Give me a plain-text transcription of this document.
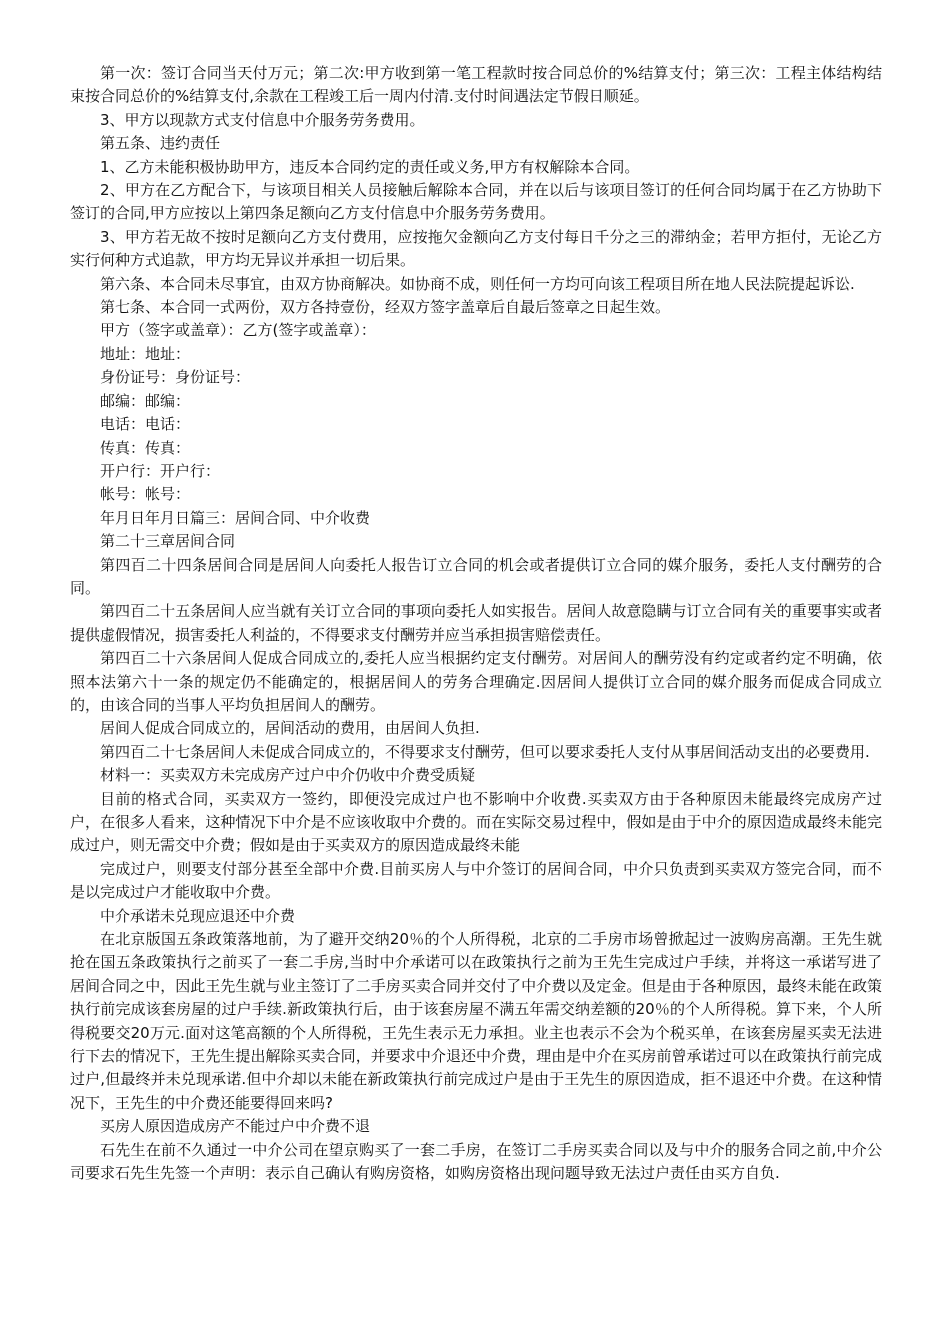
第一次：签订合同当天付万元；第二次:甲方收到第一笔工程款时按合同总价的%结算支付；第三次：工程主体结构结束按合同总价的%结算支付,余款在工程竣工后一周内付清.支付时间遇法定节假日顺延。

3、甲方以现款方式支付信息中介服务劳务费用。

第五条、违约责任

1、乙方未能积极协助甲方，违反本合同约定的责任或义务,甲方有权解除本合同。

2、甲方在乙方配合下，与该项目相关人员接触后解除本合同，并在以后与该项目签订的任何合同均属于在乙方协助下签订的合同,甲方应按以上第四条足额向乙方支付信息中介服务劳务费用。

3、甲方若无故不按时足额向乙方支付费用，应按拖欠金额向乙方支付每日千分之三的滞纳金；若甲方拒付，无论乙方实行何种方式追款，甲方均无异议并承担一切后果。

第六条、本合同未尽事宜，由双方协商解决。如协商不成，则任何一方均可向该工程项目所在地人民法院提起诉讼.

第七条、本合同一式两份，双方各持壹份，经双方签字盖章后自最后签章之日起生效。

甲方（签字或盖章）：乙方(签字或盖章）：

地址：地址：

身份证号：身份证号：

邮编：邮编：

电话：电话：

传真：传真：

开户行：开户行：

帐号：帐号：

年月日年月日篇三：居间合同、中介收费

第二十三章居间合同

第四百二十四条居间合同是居间人向委托人报告订立合同的机会或者提供订立合同的媒介服务，委托人支付酬劳的合同。

第四百二十五条居间人应当就有关订立合同的事项向委托人如实报告。居间人故意隐瞒与订立合同有关的重要事实或者提供虚假情况，损害委托人利益的，不得要求支付酬劳并应当承担损害赔偿责任。

第四百二十六条居间人促成合同成立的,委托人应当根据约定支付酬劳。对居间人的酬劳没有约定或者约定不明确，依照本法第六十一条的规定仍不能确定的，根据居间人的劳务合理确定.因居间人提供订立合同的媒介服务而促成合同成立的，由该合同的当事人平均负担居间人的酬劳。

居间人促成合同成立的，居间活动的费用，由居间人负担.

第四百二十七条居间人未促成合同成立的，不得要求支付酬劳，但可以要求委托人支付从事居间活动支出的必要费用.

材料一：买卖双方未完成房产过户中介仍收中介费受质疑

目前的格式合同，买卖双方一签约，即便没完成过户也不影响中介收费.买卖双方由于各种原因未能最终完成房产过户，在很多人看来，这种情况下中介是不应该收取中介费的。而在实际交易过程中，假如是由于中介的原因造成最终未能完成过户，则无需交中介费；假如是由于买卖双方的原因造成最终未能

完成过户，则要支付部分甚至全部中介费.目前买房人与中介签订的居间合同，中介只负责到买卖双方签完合同，而不是以完成过户才能收取中介费。

中介承诺未兑现应退还中介费

在北京版国五条政策落地前，为了避开交纳20％的个人所得税，北京的二手房市场曾掀起过一波购房高潮。王先生就抢在国五条政策执行之前买了一套二手房,当时中介承诺可以在政策执行之前为王先生完成过户手续，并将这一承诺写进了居间合同之中，因此王先生就与业主签订了二手房买卖合同并交付了中介费以及定金。但是由于各种原因，最终未能在政策执行前完成该套房屋的过户手续.新政策执行后，由于该套房屋不满五年需交纳差额的20％的个人所得税。算下来，个人所得税要交20万元.面对这笔高额的个人所得税，王先生表示无力承担。业主也表示不会为个税买单，在该套房屋买卖无法进行下去的情况下，王先生提出解除买卖合同，并要求中介退还中介费，理由是中介在买房前曾承诺过可以在政策执行前完成过户,但最终并未兑现承诺.但中介却以未能在新政策执行前完成过户是由于王先生的原因造成，拒不退还中介费。在这种情况下，王先生的中介费还能要得回来吗?

买房人原因造成房产不能过户中介费不退

石先生在前不久通过一中介公司在望京购买了一套二手房，在签订二手房买卖合同以及与中介的服务合同之前,中介公司要求石先生先签一个声明：表示自己确认有购房资格，如购房资格出现问题导致无法过户责任由买方自负.
